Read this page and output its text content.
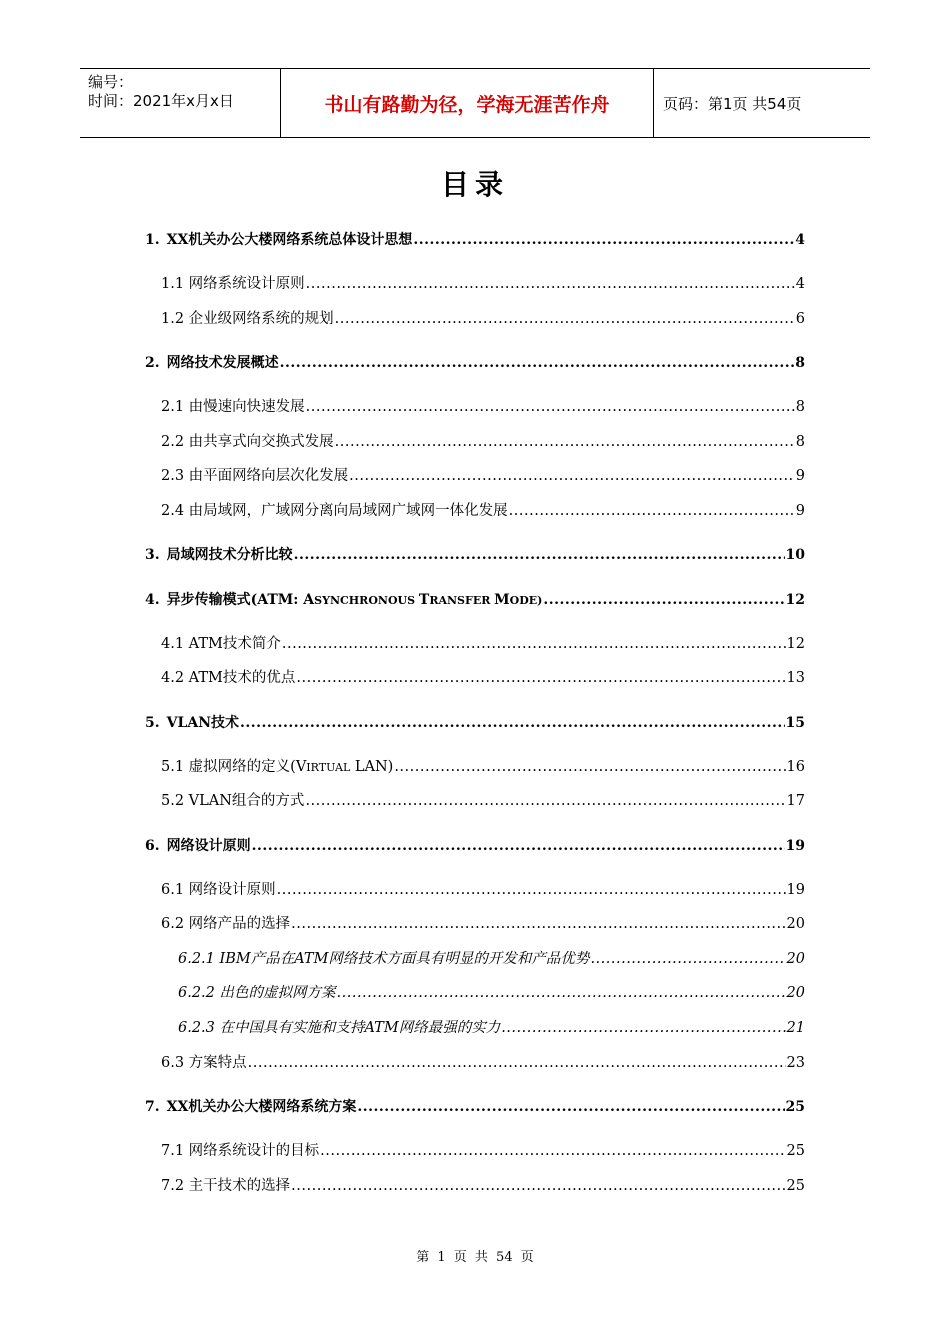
编号：
时间：2021年x月x日	书山有路勤为径，学海无涯苦作舟	页码：第1页 共54页
目录
1. XX机关办公大楼网络系统总体设计思想 .....	4
1.1 网络系统设计原则 .....	4
1.2 企业级网络系统的规划 .....	6
2. 网络技术发展概述 .....	8
2.1 由慢速向快速发展 .....	8
2.2 由共享式向交换式发展 .....	8
2.3 由平面网络向层次化发展 .....	9
2.4 由局域网，广域网分离向局域网广域网一体化发展 .....	9
3. 局域网技术分析比较 .....	10
4. 异步传输模式(ATM: ASYNCHRONOUS TRANSFER MODE) .....	12
4.1 ATM技术简介 .....	12
4.2 ATM技术的优点 .....	13
5. VLAN技术 .....	15
5.1 虚拟网络的定义(VIRTUAL LAN) .....	16
5.2 VLAN组合的方式 .....	17
6. 网络设计原则 .....	19
6.1 网络设计原则 .....	19
6.2 网络产品的选择 .....	20
6.2.1 IBM产品在ATM网络技术方面具有明显的开发和产品优势 .....	20
6.2.2 出色的虚拟网方案 .....	20
6.2.3 在中国具有实施和支持ATM网络最强的实力 .....	21
6.3 方案特点 .....	23
7. XX机关办公大楼网络系统方案 .....	25
7.1 网络系统设计的目标 .....	25
7.2 主干技术的选择 .....	25
第 1 页 共 54 页
